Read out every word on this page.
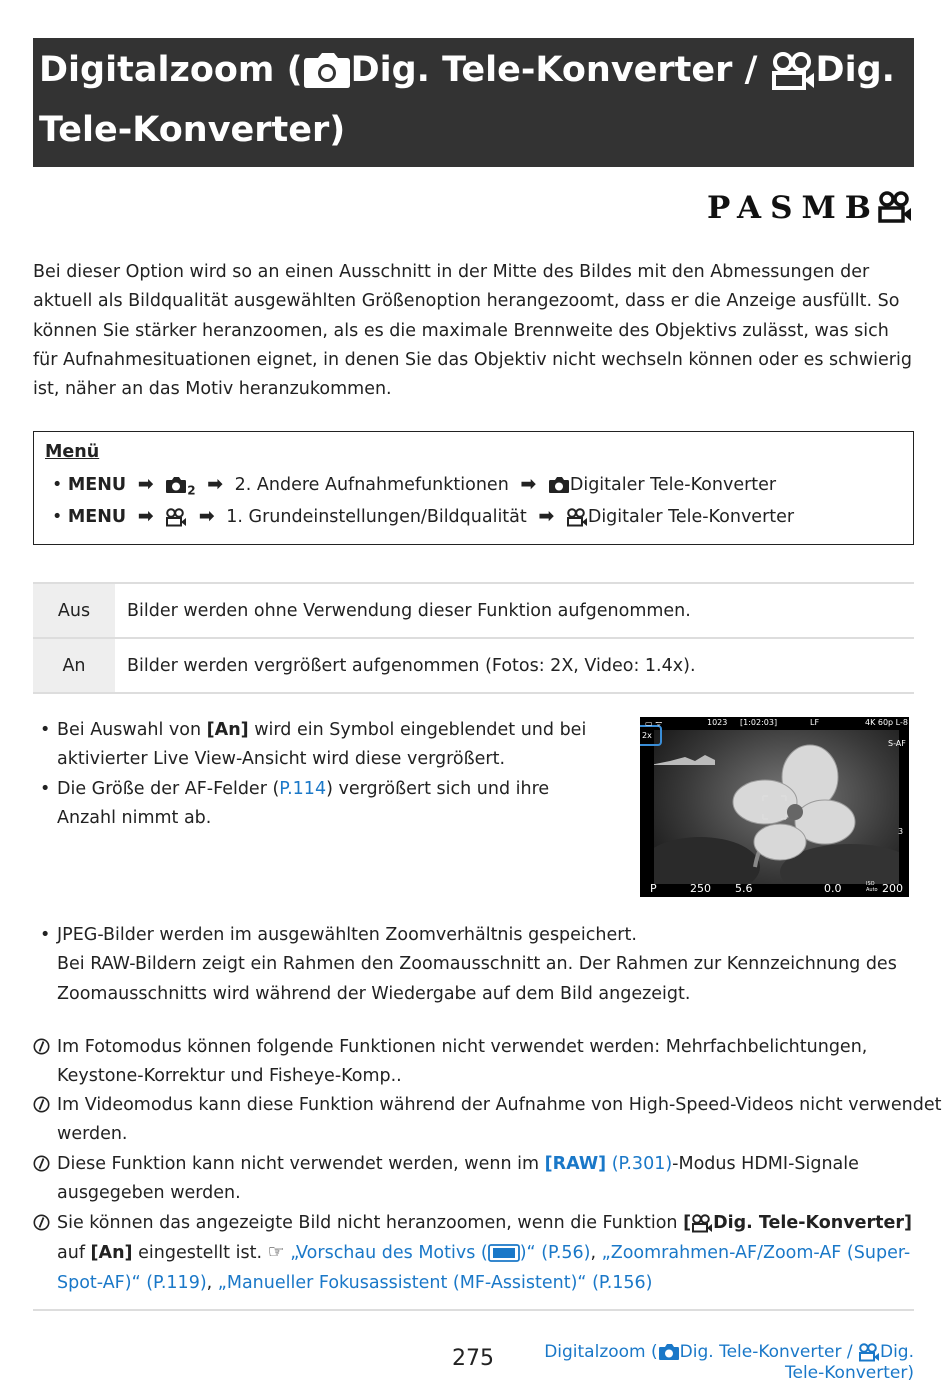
Digitalzoom ( Dig. Tele-Konverter / Dig.
Tele-Konverter)
PASMB
Bei dieser Option wird so an einen Ausschnitt in der Mitte des Bildes mit den Abmessungen der aktuell als Bildqualität ausgewählten Größenoption herangezoomt, dass er die Anzeige ausfüllt. So können Sie stärker heranzoomen, als es die maximale Brennweite des Objektivs zulässt, was sich für Aufnahmesituationen eignet, in denen Sie das Objektiv nicht wechseln können oder es schwierig ist, näher an das Motiv heranzukommen.
Menü
• MENU ➡	$_2$ ➡ 2. Andere Aufnahmefunktionen ➡ Digitaler Tele-Konverter
• MENU ➡ ➡ 1. Grundeinstellungen/Bildqualität ➡ Digitaler Tele-Konverter
Aus	Bilder werden ohne Verwendung dieser Funktion aufgenommen.
An	Bilder werden vergrößert aufgenommen (Fotos: 2X, Video: 1.4x).
• Bei Auswahl von [An] wird ein Symbol eingeblendet und bei aktivierter Live View-Ansicht wird diese vergrößert.
• Die Größe der AF-Felder (P.114) vergrößert sich und ihre Anzahl nimmt ab.
▭ ᯤ	1023 [1:02:03]	LF	4K 60p L-8
2x
S-AF
3
P	250 5.6	0.0	ISO Auto 200
• JPEG-Bilder werden im ausgewählten Zoomverhältnis gespeichert.
Bei RAW-Bildern zeigt ein Rahmen den Zoomausschnitt an. Der Rahmen zur Kennzeichnung des Zoomausschnitts wird während der Wiedergabe auf dem Bild angezeigt.
Im Fotomodus können folgende Funktionen nicht verwendet werden: Mehrfachbelichtungen, Keystone-Korrektur und Fisheye-Komp..
Im Videomodus kann diese Funktion während der Aufnahme von High-Speed-Videos nicht verwendet werden.
Diese Funktion kann nicht verwendet werden, wenn im [RAW] (P.301)-Modus HDMI-Signale ausgegeben werden.
Sie können das angezeigte Bild nicht heranzoomen, wenn die Funktion [ Dig. Tele-Konverter] auf [An] eingestellt ist. ☞ „Vorschau des Motivs ( )“ (P.56), „Zoomrahmen-AF/Zoom-AF (Super-Spot-AF)“ (P.119), „Manueller Fokusassistent (MF-Assistent)“ (P.156)
275	Digitalzoom ( Dig. Tele-Konverter / Dig.
Tele-Konverter)
